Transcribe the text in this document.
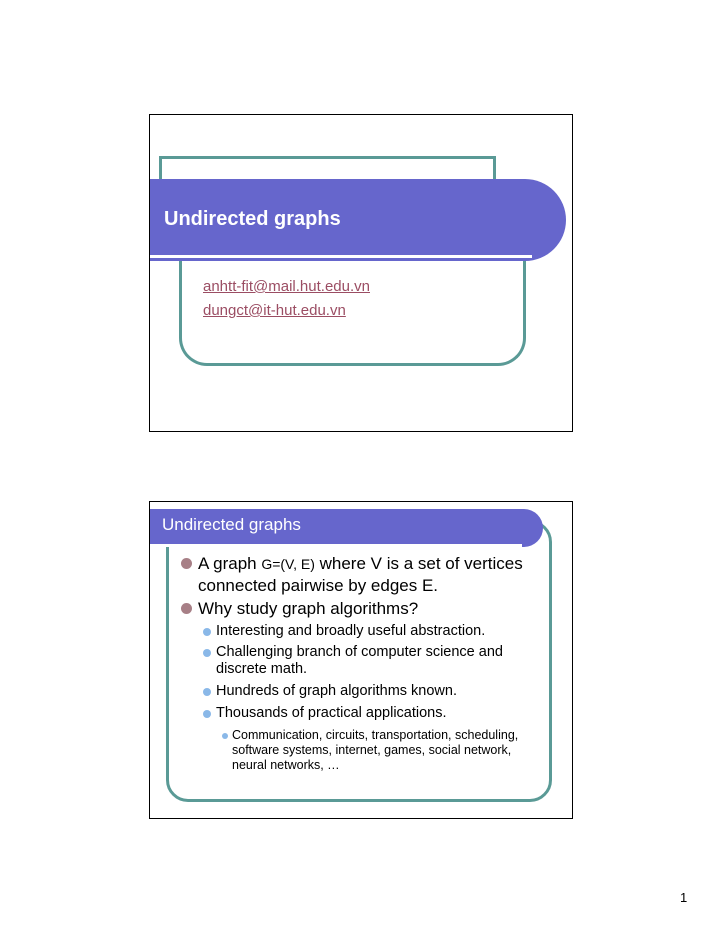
Undirected graphs
anhtt-fit@mail.hut.edu.vn
dungct@it-hut.edu.vn
Undirected graphs
A graph G=(V, E) where V is a set of vertices connected pairwise by edges E.
Why study graph algorithms?
Interesting and broadly useful abstraction.
Challenging branch of computer science and discrete math.
Hundreds of graph algorithms known.
Thousands of practical applications.
Communication, circuits, transportation, scheduling, software systems, internet, games, social network, neural networks, …
1
